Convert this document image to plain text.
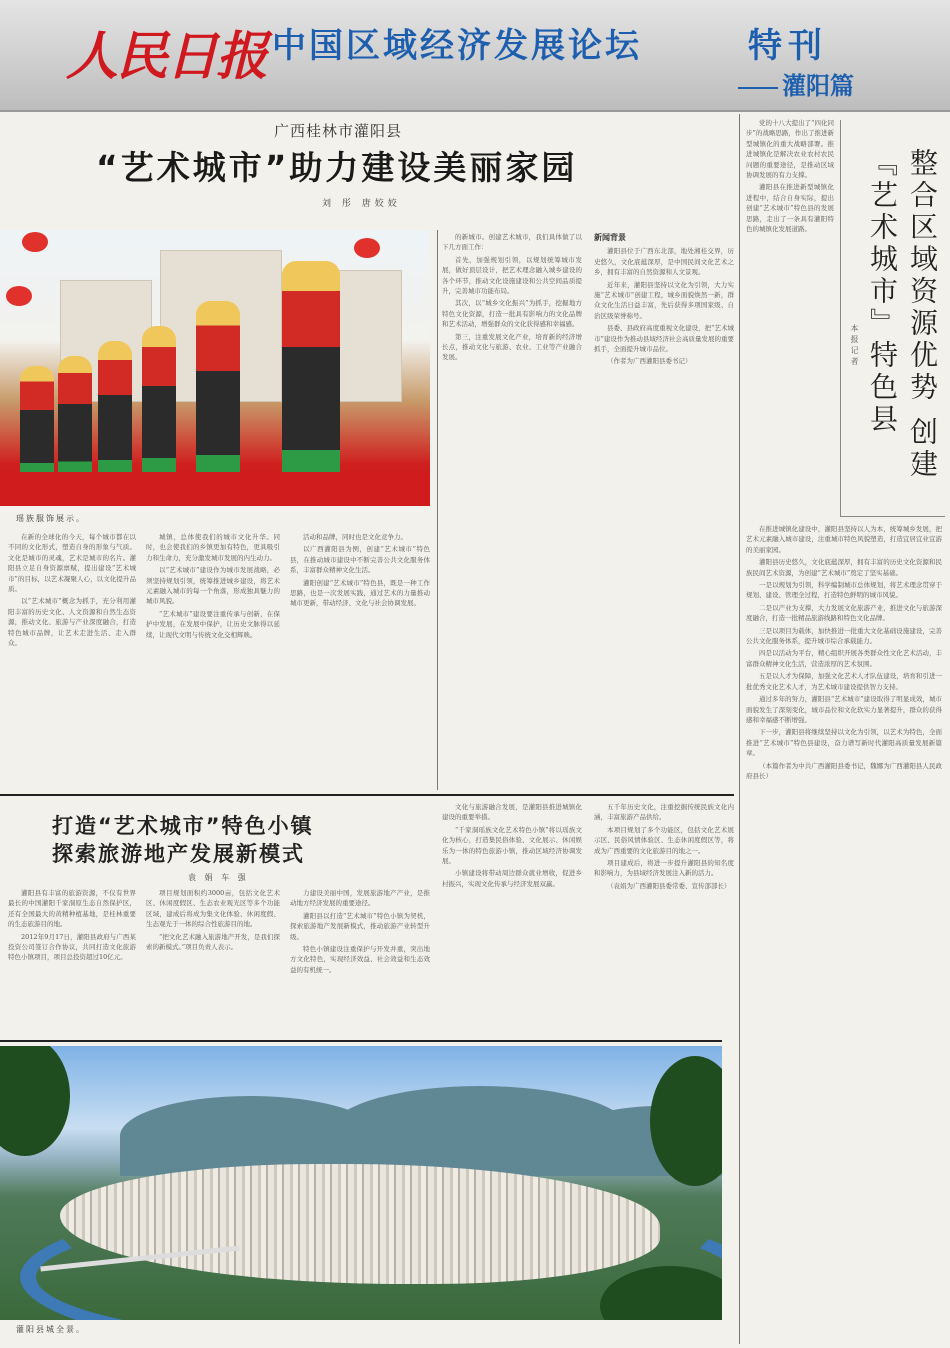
人民日报 中国区域经济发展论坛	特刊
灌阳篇
广西桂林市灌阳县
“艺术城市”助力建设美丽家园
刘 彤 唐姣姣
瑶族服饰展示。

在新的全球化的今天，每个城市都在以不同的文化形式，塑造自身的形象与气质。文化是城市的灵魂，艺术是城市的名片。灌阳县立足自身资源禀赋，提出建设“艺术城市”的目标，以艺术凝聚人心，以文化提升品质。

以“艺术城市”概念为抓手，充分利用灌阳丰富的历史文化、人文资源和自然生态资源，推动文化、旅游与产业深度融合，打造特色城市品牌，让艺术走进生活、走入群众。

城镇，总体使我们的城市文化升华。同时，也会使我们的乡镇更加有特色，更具吸引力和生命力，充分激发城市发展的内生动力。

以“艺术城市”建设作为城市发展战略，必须坚持规划引领，统筹推进城乡建设，将艺术元素融入城市的每一个角落，形成独具魅力的城市风貌。

“艺术城市”建设要注重传承与创新，在保护中发展，在发展中保护，让历史文脉得以延续，让现代文明与传统文化交相辉映。

活动和品牌，同时也是文化竞争力。

以广西灌阳县为例，创建“艺术城市”特色县，在推动城市建设中不断完善公共文化服务体系，丰富群众精神文化生活。

灌阳创建“艺术城市”特色县，既是一种工作思路，也是一次发展实践，通过艺术的力量推动城市更新，带动经济、文化与社会协调发展。

的新城市。创建艺术城市，我们具体做了以下几方面工作：

首先，加强规划引领，以规划统筹城市发展，做好顶层设计，把艺术理念融入城乡建设的各个环节，推动文化设施建设和公共空间品质提升，完善城市功能布局。

其次，以“城乡文化振兴”为抓手，挖掘地方特色文化资源，打造一批具有影响力的文化品牌和艺术活动，增强群众的文化获得感和幸福感。

第三，注重发展文化产业，培育新的经济增长点，推动文化与旅游、农业、工业等产业融合发展。

新闻背景

灌阳县位于广西东北部，地处湘桂交界，历史悠久，文化底蕴深厚，是中国民间文化艺术之乡，拥有丰富的自然资源和人文景观。

近年来，灌阳县坚持以文化为引领，大力实施“艺术城市”创建工程，城乡面貌焕然一新，群众文化生活日益丰富，先后获得多项国家级、自治区级荣誉称号。

县委、县政府高度重视文化建设，把“艺术城市”建设作为推动县域经济社会高质量发展的重要抓手，全面提升城市品位。

（作者为广西灌阳县委书记）	整合区域资源优势 创建『艺术城市』特色县
本报记者

党的十八大提出了“四化同步”的战略思路，作出了推进新型城镇化的重大战略部署。推进城镇化是解决农业农村农民问题的重要途径，是推动区域协调发展的有力支撑。

灌阳县在推进新型城镇化进程中，结合自身实际，提出创建“艺术城市”特色县的发展思路，走出了一条具有灌阳特色的城镇化发展道路。

在推进城镇化建设中，灌阳县坚持以人为本，统筹城乡发展，把艺术元素融入城市建设，注重城市特色风貌塑造，打造宜居宜业宜游的美丽家园。

灌阳县历史悠久，文化底蕴深厚，拥有丰富的历史文化资源和民族民间艺术资源，为创建“艺术城市”奠定了坚实基础。

一是以规划为引领，科学编制城市总体规划，将艺术理念贯穿于规划、建设、管理全过程，打造特色鲜明的城市风貌。

二是以产业为支撑，大力发展文化旅游产业，推进文化与旅游深度融合，打造一批精品旅游线路和特色文化品牌。

三是以项目为载体，加快推进一批重大文化基础设施建设，完善公共文化服务体系，提升城市综合承载能力。

四是以活动为平台，精心组织开展各类群众性文化艺术活动，丰富群众精神文化生活，营造浓厚的艺术氛围。

五是以人才为保障，加强文化艺术人才队伍建设，培育和引进一批优秀文化艺术人才，为艺术城市建设提供智力支持。

通过多年的努力，灌阳县“艺术城市”建设取得了明显成效，城市面貌发生了深刻变化，城市品位和文化软实力显著提升，群众的获得感和幸福感不断增强。

下一步，灌阳县将继续坚持以文化为引领，以艺术为特色，全面推进“艺术城市”特色县建设，奋力谱写新时代灌阳高质量发展新篇章。

（本篇作者为中共广西灌阳县委书记，魏娜为广西灌阳县人民政府县长）

打造“艺术城市”特色小镇
探索旅游地产发展新模式
袁 娟 车 强

灌阳县有丰富的旅游资源，不仅有世界最长的中国灌阳千家洞原生态自然保护区，还有全国最大的黄精种植基地，是桂林重要的生态旅游目的地。

2012年9月17日，灌阳县政府与广西某投资公司签订合作协议，共同打造文化旅游特色小镇项目，项目总投资超过10亿元。

项目规划面积约3000亩，包括文化艺术区、休闲度假区、生态农业观光区等多个功能区域，建成后将成为集文化体验、休闲度假、生态观光于一体的综合性旅游目的地。

“把文化艺术融入旅游地产开发，是我们探索的新模式。”项目负责人表示。

力建设美丽中国，发展旅游地产产业，是推动地方经济发展的重要途径。

灌阳县以打造“艺术城市”特色小镇为契机，探索旅游地产发展新模式，推动旅游产业转型升级。

特色小镇建设注重保护与开发并重，突出地方文化特色，实现经济效益、社会效益和生态效益的有机统一。

文化与旅游融合发展，是灌阳县推进城镇化建设的重要举措。

“千家洞瑶族文化艺术特色小镇”将以瑶族文化为核心，打造集民俗体验、文化展示、休闲娱乐为一体的特色旅游小镇，推动区域经济协调发展。

小镇建设将带动周边群众就业增收，促进乡村振兴，实现文化传承与经济发展双赢。

五千年历史文化，注重挖掘传统民族文化内涵，丰富旅游产品供给。

本项目规划了多个功能区，包括文化艺术展示区、民俗风情体验区、生态休闲度假区等，将成为广西重要的文化旅游目的地之一。

项目建成后，将进一步提升灌阳县的知名度和影响力，为县域经济发展注入新的活力。

（袁娟为广西灌阳县委常委、宣传部部长）

灌阳县城全景。
